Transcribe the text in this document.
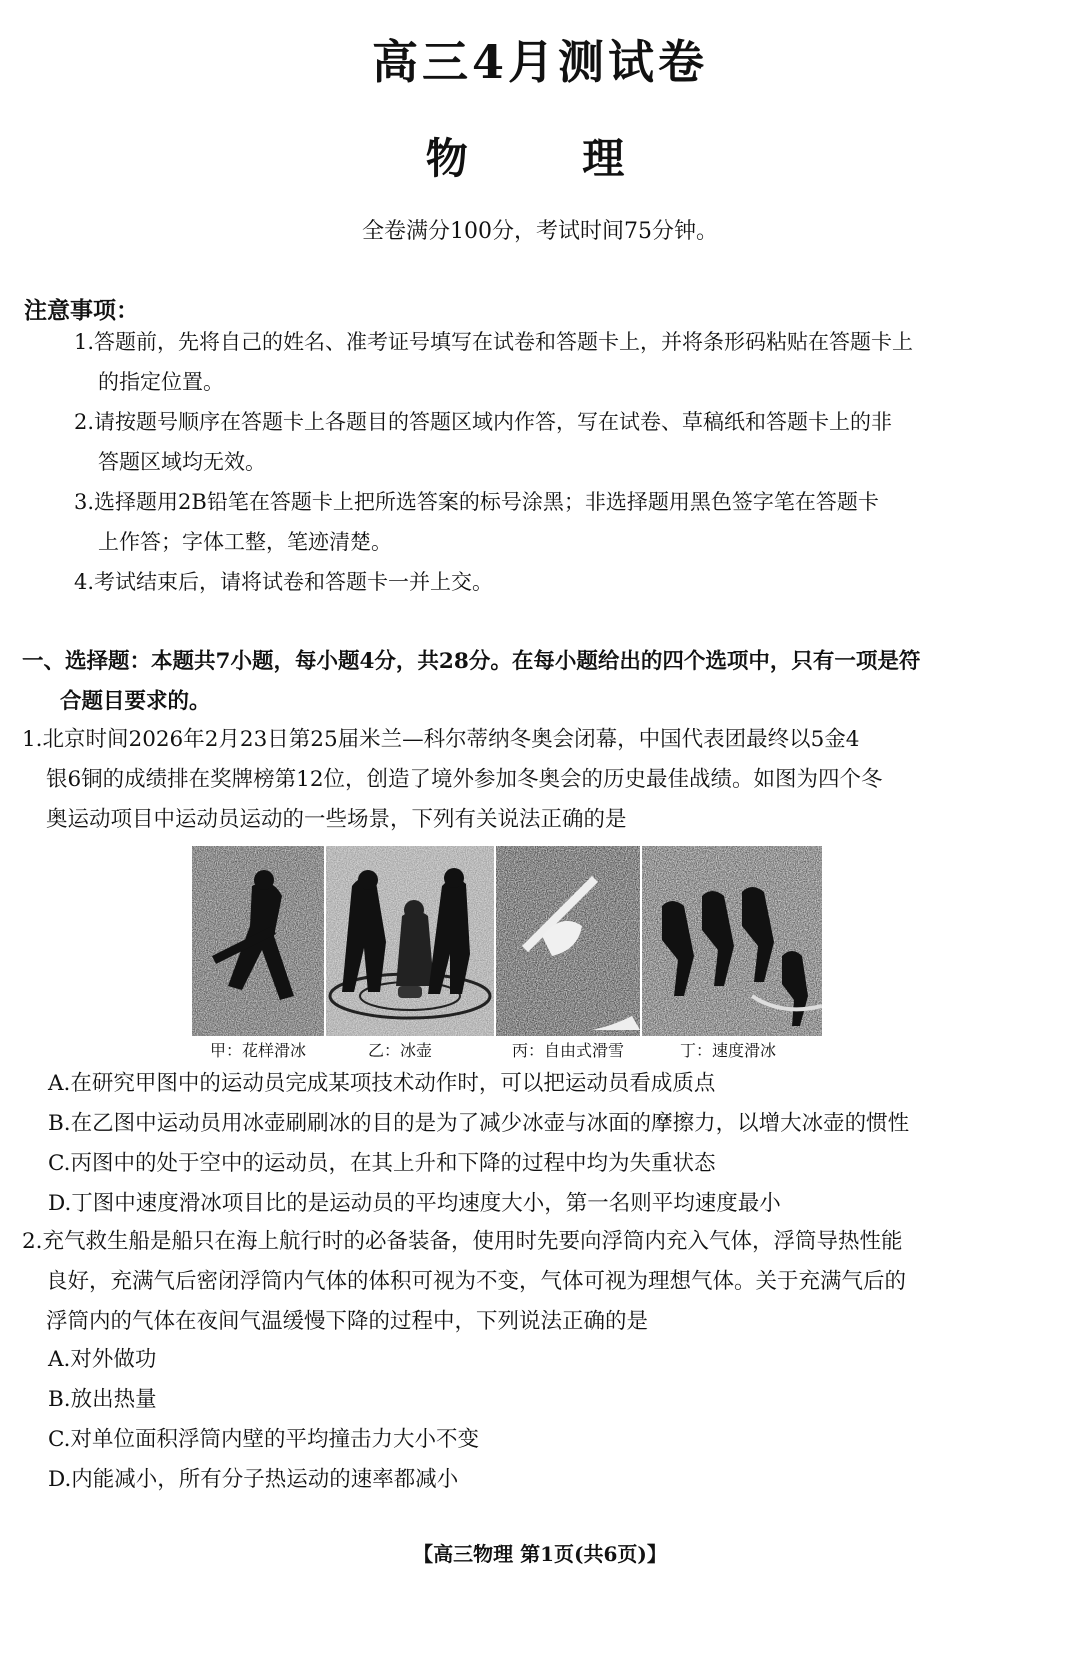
高三4月测试卷
物 理
全卷满分100分，考试时间75分钟。
注意事项：
1.答题前，先将自己的姓名、准考证号填写在试卷和答题卡上，并将条形码粘贴在答题卡上
的指定位置。
2.请按题号顺序在答题卡上各题目的答题区域内作答，写在试卷、草稿纸和答题卡上的非
答题区域均无效。
3.选择题用2B铅笔在答题卡上把所选答案的标号涂黑；非选择题用黑色签字笔在答题卡
上作答；字体工整，笔迹清楚。
4.考试结束后，请将试卷和答题卡一并上交。
一、选择题：本题共7小题，每小题4分，共28分。在每小题给出的四个选项中，只有一项是符
合题目要求的。
1.北京时间2026年2月23日第25届米兰—科尔蒂纳冬奥会闭幕，中国代表团最终以5金4
银6铜的成绩排在奖牌榜第12位，创造了境外参加冬奥会的历史最佳战绩。如图为四个冬
奥运动项目中运动员运动的一些场景，下列有关说法正确的是
甲：花样滑冰	乙：冰壶	丙：自由式滑雪	丁：速度滑冰
A.在研究甲图中的运动员完成某项技术动作时，可以把运动员看成质点
B.在乙图中运动员用冰壶刷刷冰的目的是为了减少冰壶与冰面的摩擦力，以增大冰壶的惯性
C.丙图中的处于空中的运动员，在其上升和下降的过程中均为失重状态
D.丁图中速度滑冰项目比的是运动员的平均速度大小，第一名则平均速度最小
2.充气救生船是船只在海上航行时的必备装备，使用时先要向浮筒内充入气体，浮筒导热性能
良好，充满气后密闭浮筒内气体的体积可视为不变，气体可视为理想气体。关于充满气后的
浮筒内的气体在夜间气温缓慢下降的过程中，下列说法正确的是
A.对外做功
B.放出热量
C.对单位面积浮筒内壁的平均撞击力大小不变
D.内能减小，所有分子热运动的速率都减小
【高三物理 第1页(共6页)】
